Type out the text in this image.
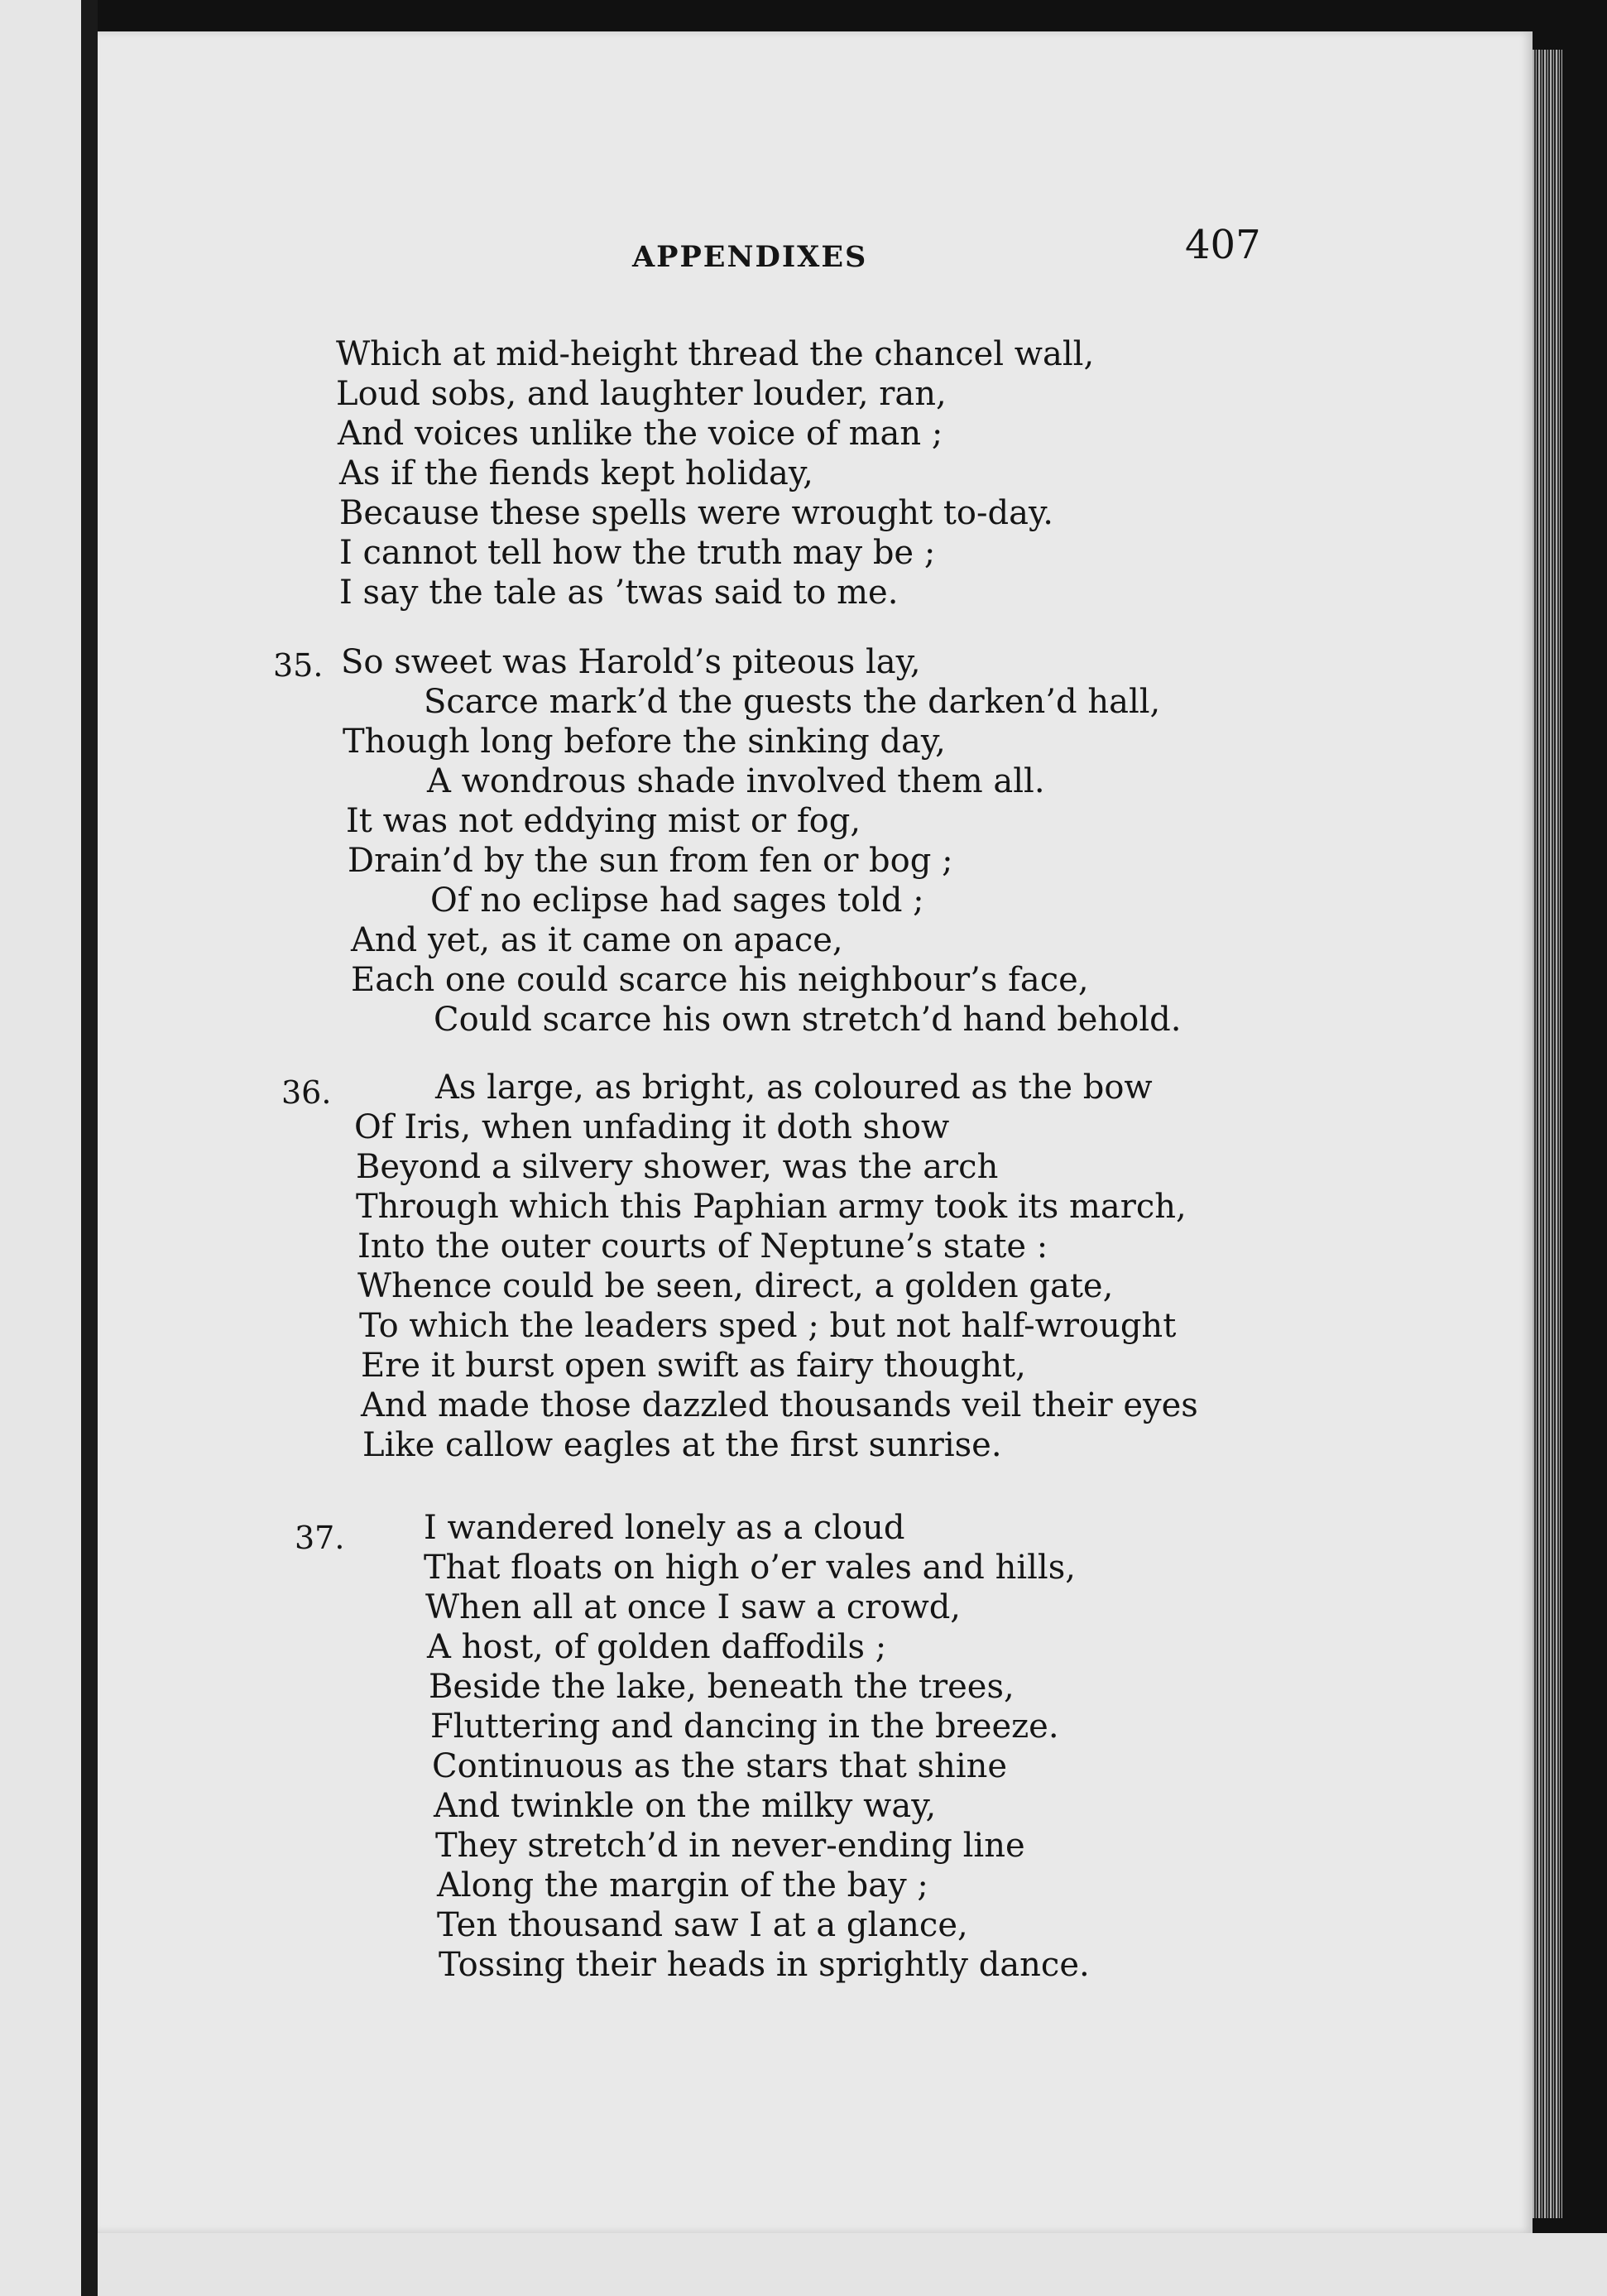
APPENDIXES	407
Which at mid-height thread the chancel wall,
Loud sobs, and laughter louder, ran,
And voices unlike the voice of man ;
As if the fiends kept holiday,
Because these spells were wrought to-day.
I cannot tell how the truth may be ;
I say the tale as ’twas said to me.
35. So sweet was Harold’s piteous lay,
Scarce mark’d the guests the darken’d hall,
Though long before the sinking day,
A wondrous shade involved them all.
It was not eddying mist or fog,
Drain’d by the sun from fen or bog ;
Of no eclipse had sages told ;
And yet, as it came on apace,
Each one could scarce his neighbour’s face,
Could scarce his own stretch’d hand behold.
36.	As large, as bright, as coloured as the bow
Of Iris, when unfading it doth show
Beyond a silvery shower, was the arch
Through which this Paphian army took its march,
Into the outer courts of Neptune’s state :
Whence could be seen, direct, a golden gate,
To which the leaders sped ; but not half-wrought
Ere it burst open swift as fairy thought,
And made those dazzled thousands veil their eyes
Like callow eagles at the first sunrise.
37. I wandered lonely as a cloud
That floats on high o’er vales and hills,
When all at once I saw a crowd,
A host, of golden daffodils ;
Beside the lake, beneath the trees,
Fluttering and dancing in the breeze.
Continuous as the stars that shine
And twinkle on the milky way,
They stretch’d in never-ending line
Along the margin of the bay ;
Ten thousand saw I at a glance,
Tossing their heads in sprightly dance.
